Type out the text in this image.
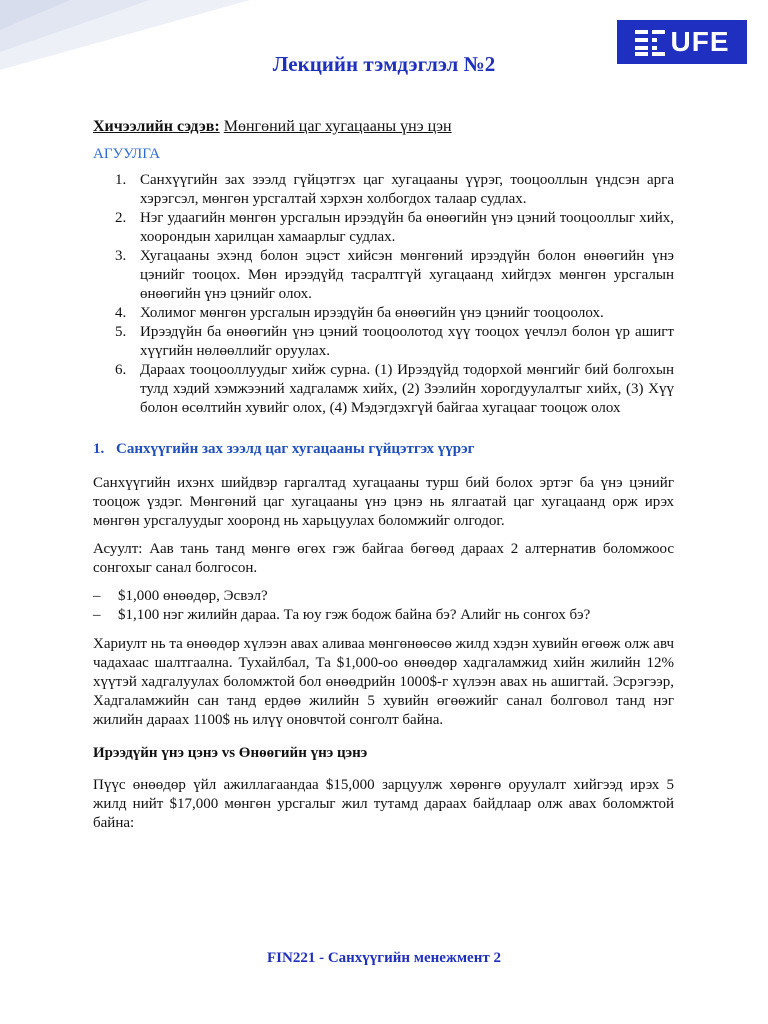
UFE
Лекцийн тэмдэглэл №2
Хичээлийн сэдэв: Мөнгөний цаг хугацааны үнэ цэн
АГУУЛГА
1. Санхүүгийн зах зээлд гүйцэтгэх цаг хугацааны үүрэг, тооцооллын үндсэн арга хэрэгсэл, мөнгөн урсгалтай хэрхэн холбогдох талаар судлах.
2. Нэг удаагийн мөнгөн урсгалын ирээдүйн ба өнөөгийн үнэ цэний тооцооллыг хийх, хоорондын харилцан хамаарлыг судлах.
3. Хугацааны эхэнд болон эцэст хийсэн мөнгөний ирээдүйн болон өнөөгийн үнэ цэнийг тооцох. Мөн ирээдүйд тасралтгүй хугацаанд хийгдэх мөнгөн урсгалын өнөөгийн үнэ цэнийг олох.
4. Холимог мөнгөн урсгалын ирээдүйн ба өнөөгийн үнэ цэнийг тооцоолох.
5. Ирээдүйн ба өнөөгийн үнэ цэний тооцоолотод хүү тооцох үечлэл болон үр ашигт хүүгийн нөлөөллийг оруулах.
6. Дараах тооцооллуудыг хийж сурна. (1) Ирээдүйд тодорхой мөнгийг бий болгохын тулд хэдий хэмжээний хадгаламж хийх, (2) Зээлийн хорогдуулалтыг хийх, (3) Хүү болон өсөлтийн хувийг олох, (4) Мэдэгдэхгүй байгаа хугацааг тооцож олох
1. Санхүүгийн зах зээлд цаг хугацааны гүйцэтгэх үүрэг

Санхүүгийн ихэнх шийдвэр гаргалтад хугацааны турш бий болох эртэг ба үнэ цэнийг тооцож үздэг. Мөнгөний цаг хугацааны үнэ цэнэ нь ялгаатай цаг хугацаанд орж ирэх мөнгөн урсгалуудыг хооронд нь харьцуулах боломжийг олгодог.

Асуулт: Аав тань танд мөнгө өгөх гэж байгаа бөгөөд дараах 2 алтернатив боломжоос сонгохыг санал болгосон.

– $1,000 өнөөдөр, Эсвэл?
– $1,100 нэг жилийн дараа. Та юу гэж бодож байна бэ? Алийг нь сонгох бэ?

Хариулт нь та өнөөдөр хүлээн авах аливаа мөнгөнөөсөө жилд хэдэн хувийн өгөөж олж авч чадахаас шалтгаална. Тухайлбал, Та $1,000-оо өнөөдөр хадгаламжид хийн жилийн 12% хүүтэй хадгалуулах боломжтой бол өнөөдрийн 1000$-г хүлээн авах нь ашигтай. Эсрэгээр, Хадгаламжийн сан танд ердөө жилийн 5 хувийн өгөөжийг санал болговол танд нэг жилийн дараах 1100$ нь илүү оновчтой сонголт байна.

Ирээдүйн үнэ цэнэ vs Өнөөгийн үнэ цэнэ

Пүүс өнөөдөр үйл ажиллагаандаа $15,000 зарцуулж хөрөнгө оруулалт хийгээд ирэх 5 жилд нийт $17,000 мөнгөн урсгалыг жил тутамд дараах байдлаар олж авах боломжтой байна:

FIN221 - Санхүүгийн менежмент 2
